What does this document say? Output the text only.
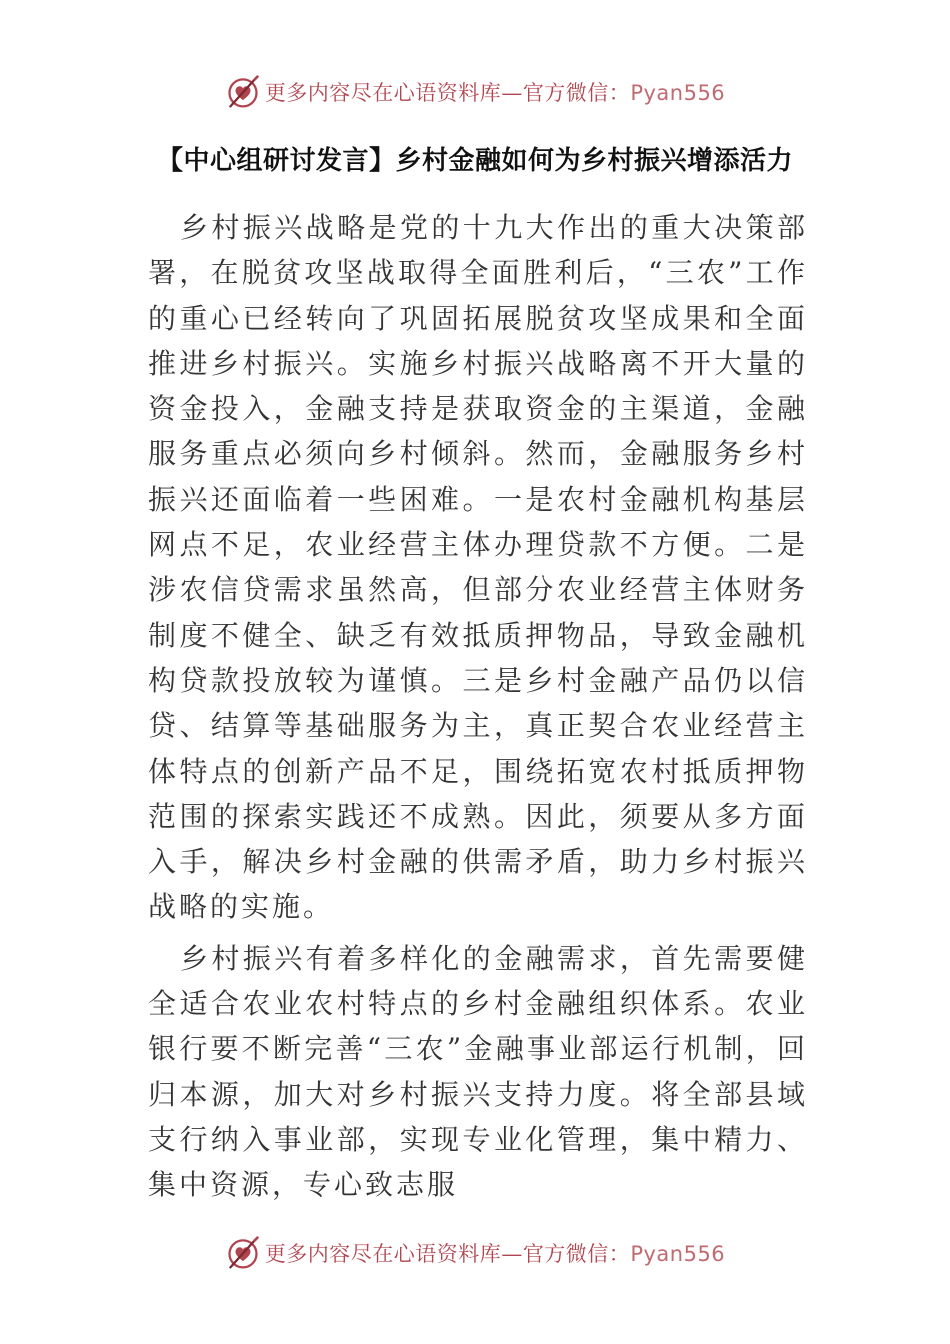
更多内容尽在心语资料库—官方微信：Pyan556
【中心组研讨发言】乡村金融如何为乡村振兴增添活力

乡村振兴战略是党的十九大作出的重大决策部署，在脱贫攻坚战取得全面胜利后，“三农”工作的重心已经转向了巩固拓展脱贫攻坚成果和全面推进乡村振兴。实施乡村振兴战略离不开大量的资金投入，金融支持是获取资金的主渠道，金融服务重点必须向乡村倾斜。然而，金融服务乡村振兴还面临着一些困难。一是农村金融机构基层网点不足，农业经营主体办理贷款不方便。二是涉农信贷需求虽然高，但部分农业经营主体财务制度不健全、缺乏有效抵质押物品，导致金融机构贷款投放较为谨慎。三是乡村金融产品仍以信贷、结算等基础服务为主，真正契合农业经营主体特点的创新产品不足，围绕拓宽农村抵质押物范围的探索实践还不成熟。因此，须要从多方面入手，解决乡村金融的供需矛盾，助力乡村振兴战略的实施。

乡村振兴有着多样化的金融需求，首先需要健全适合农业农村特点的乡村金融组织体系。农业银行要不断完善“三农”金融事业部运行机制，回归本源，加大对乡村振兴支持力度。将全部县域支行纳入事业部，实现专业化管理，集中精力、集中资源，专心致志服

更多内容尽在心语资料库—官方微信：Pyan556
